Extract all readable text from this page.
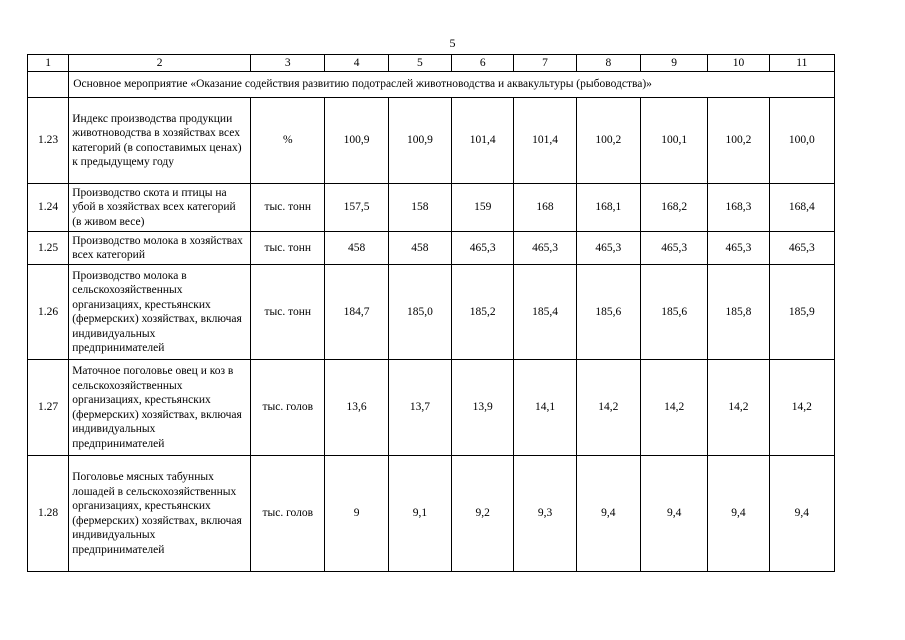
5
1	2	3	4	5	6	7	8	9	10	11
	Основное мероприятие «Оказание содействия развитию подотраслей животноводства и аквакультуры (рыбоводства)»									
1.23	Индекс производства продукции животноводства в хозяйствах всех категорий (в сопоставимых ценах) к предыдущему году	%	100,9	100,9	101,4	101,4	100,2	100,1	100,2	100,0
1.24	Производство скота и птицы на убой в хозяйствах всех категорий (в живом весе)	тыс. тонн	157,5	158	159	168	168,1	168,2	168,3	168,4
1.25	Производство молока в хозяйствах всех категорий	тыс. тонн	458	458	465,3	465,3	465,3	465,3	465,3	465,3
1.26	Производство молока в сельскохозяйственных организациях, крестьянских (фермерских) хозяйствах, включая индивидуальных предпринимателей	тыс. тонн	184,7	185,0	185,2	185,4	185,6	185,6	185,8	185,9
1.27	Маточное поголовье овец и коз в сельскохозяйственных организациях, крестьянских (фермерских) хозяйствах, включая индивидуальных предпринимателей	тыс. голов	13,6	13,7	13,9	14,1	14,2	14,2	14,2	14,2
1.28	Поголовье мясных табунных лошадей в сельскохозяйственных организациях, крестьянских (фермерских) хозяйствах, включая индивидуальных предпринимателей	тыс. голов	9	9,1	9,2	9,3	9,4	9,4	9,4	9,4
